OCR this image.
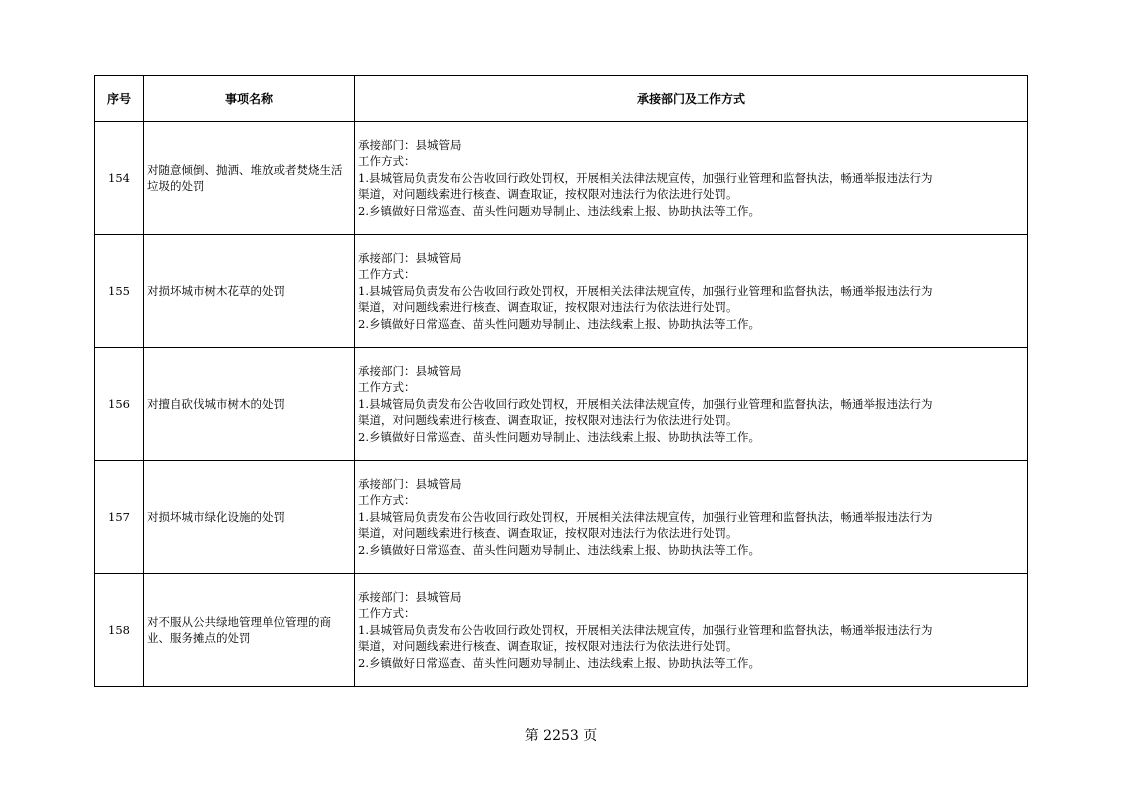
序号	事项名称	承接部门及工作方式
154	对随意倾倒、抛洒、堆放或者焚烧生活垃圾的处罚	承接部门：县城管局
工作方式：
1.县城管局负责发布公告收回行政处罚权，开展相关法律法规宣传，加强行业管理和监督执法，畅通举报违法行为
渠道，对问题线索进行核查、调查取证，按权限对违法行为依法进行处罚。
2.乡镇做好日常巡查、苗头性问题劝导制止、违法线索上报、协助执法等工作。

155	对损坏城市树木花草的处罚	承接部门：县城管局
工作方式：
1.县城管局负责发布公告收回行政处罚权，开展相关法律法规宣传，加强行业管理和监督执法，畅通举报违法行为
渠道，对问题线索进行核查、调查取证，按权限对违法行为依法进行处罚。
2.乡镇做好日常巡查、苗头性问题劝导制止、违法线索上报、协助执法等工作。

156	对擅自砍伐城市树木的处罚	承接部门：县城管局
工作方式：
1.县城管局负责发布公告收回行政处罚权，开展相关法律法规宣传，加强行业管理和监督执法，畅通举报违法行为
渠道，对问题线索进行核查、调查取证，按权限对违法行为依法进行处罚。
2.乡镇做好日常巡查、苗头性问题劝导制止、违法线索上报、协助执法等工作。

157	对损坏城市绿化设施的处罚	承接部门：县城管局
工作方式：
1.县城管局负责发布公告收回行政处罚权，开展相关法律法规宣传，加强行业管理和监督执法，畅通举报违法行为
渠道，对问题线索进行核查、调查取证，按权限对违法行为依法进行处罚。
2.乡镇做好日常巡查、苗头性问题劝导制止、违法线索上报、协助执法等工作。

158	对不服从公共绿地管理单位管理的商业、服务摊点的处罚	承接部门：县城管局
工作方式：
1.县城管局负责发布公告收回行政处罚权，开展相关法律法规宣传，加强行业管理和监督执法，畅通举报违法行为
渠道，对问题线索进行核查、调查取证，按权限对违法行为依法进行处罚。
2.乡镇做好日常巡查、苗头性问题劝导制止、违法线索上报、协助执法等工作。
第 2253 页
